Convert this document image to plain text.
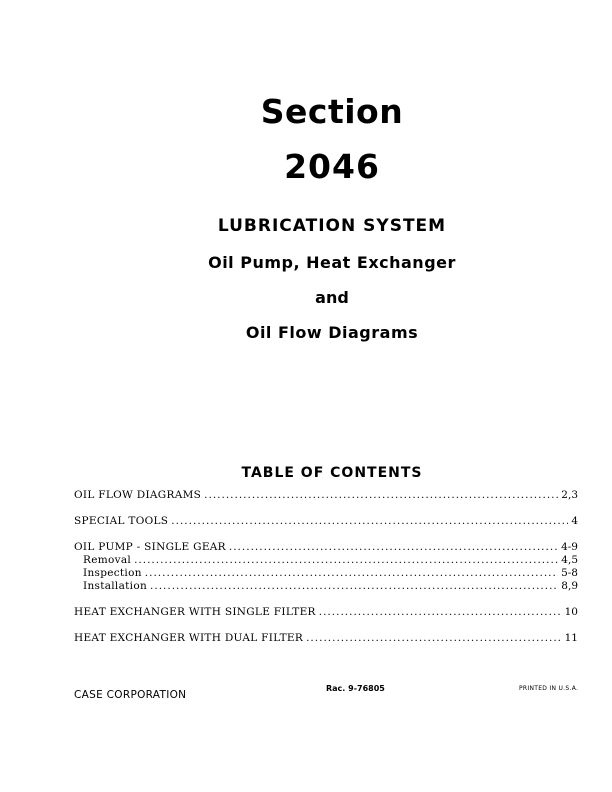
Section
2046
LUBRICATION SYSTEM
Oil Pump, Heat Exchanger
and
Oil Flow Diagrams
TABLE OF CONTENTS
OIL FLOW DIAGRAMS .....	2,3
SPECIAL TOOLS .....	4
OIL PUMP - SINGLE GEAR .....	4-9
Removal .....	4,5
Inspection .....	5-8
Installation .....	8,9
HEAT EXCHANGER WITH SINGLE FILTER .....	10
HEAT EXCHANGER WITH DUAL FILTER .....	11
CASE CORPORATION
Rac. 9-76805	PRINTED IN U.S.A.
